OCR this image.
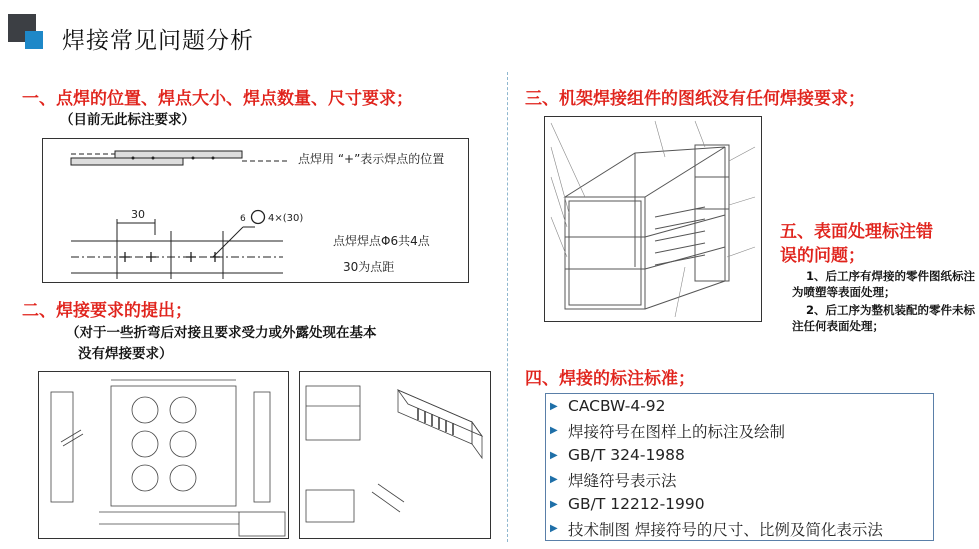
焊接常见问题分析
一、点焊的位置、焊点大小、焊点数量、尺寸要求；
（目前无此标注要求）
30	6 4×(30)
点焊用 “+”表示焊点的位置
点焊焊点Φ6共4点
30为点距
二、焊接要求的提出；
（对于一些折弯后对接且要求受力或外露处现在基本
没有焊接要求）
三、机架焊接组件的图纸没有任何焊接要求；
五、表面处理标注错
误的问题；
1、后工序有焊接的零件图纸标注为喷塑等表面处理；
2、后工序为整机装配的零件未标注任何表面处理；
四、焊接的标注标准；
▶ CACBW-4-92
▶ 焊接符号在图样上的标注及绘制
▶ GB/T 324-1988
▶ 焊缝符号表示法
▶ GB/T 12212-1990
▶ 技术制图 焊接符号的尺寸、比例及简化表示法
